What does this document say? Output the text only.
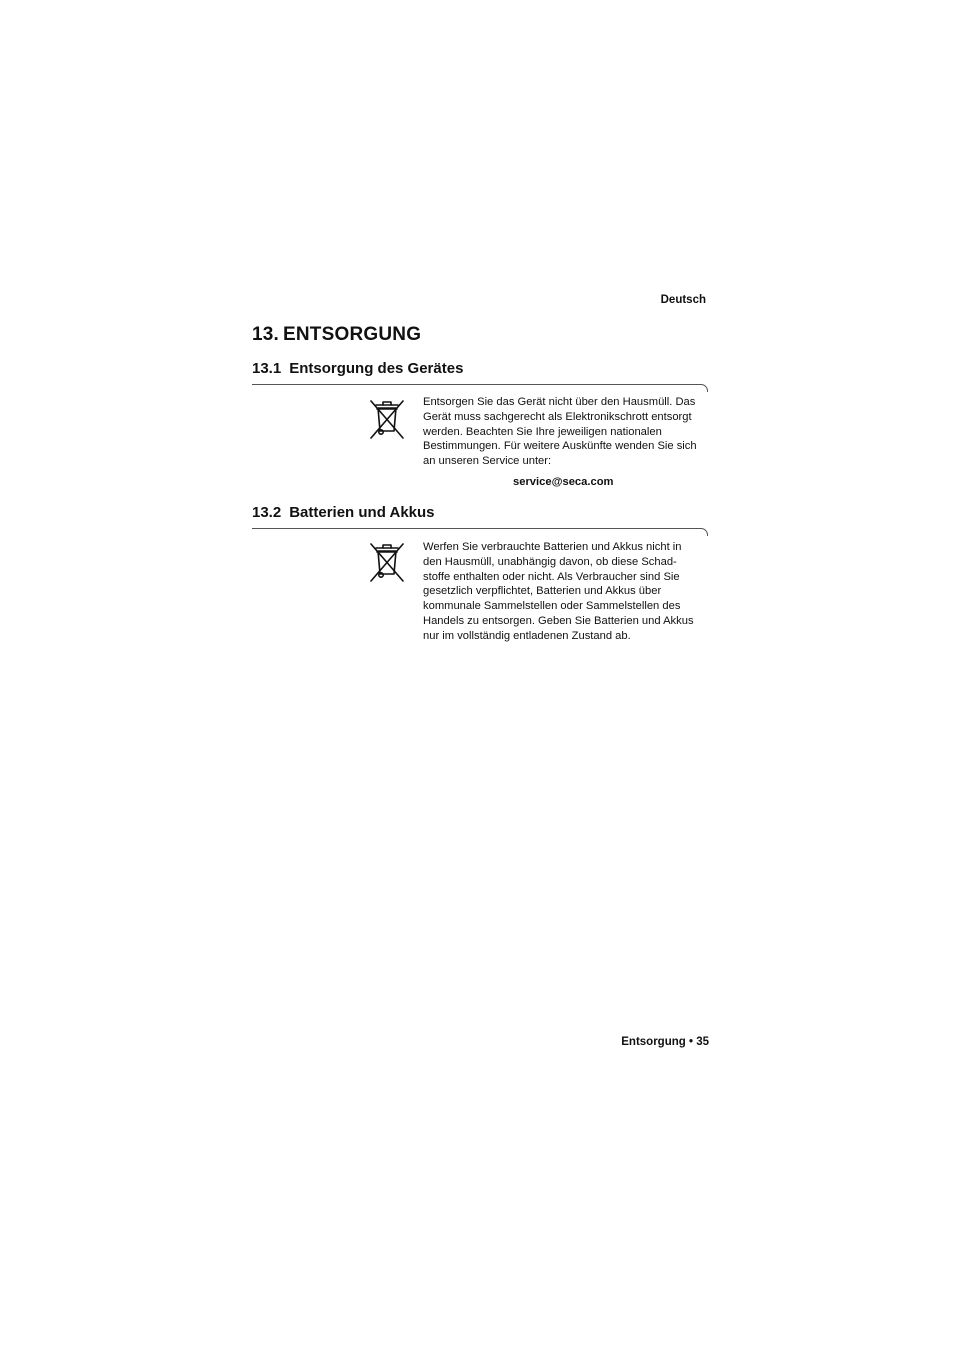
Deutsch
13. ENTSORGUNG
13.1 Entsorgung des Gerätes

Entsorgen Sie das Gerät nicht über den Hausmüll. Das
Gerät muss sachgerecht als Elektronikschrott entsorgt
werden. Beachten Sie Ihre jeweiligen nationalen
Bestimmungen. Für weitere Auskünfte wenden Sie sich
an unseren Service unter:

service@seca.com
13.2 Batterien und Akkus

Werfen Sie verbrauchte Batterien und Akkus nicht in
den Hausmüll, unabhängig davon, ob diese Schad-
stoffe enthalten oder nicht. Als Verbraucher sind Sie
gesetzlich verpflichtet, Batterien und Akkus über
kommunale Sammelstellen oder Sammelstellen des
Handels zu entsorgen. Geben Sie Batterien und Akkus
nur im vollständig entladenen Zustand ab.

Entsorgung • 35
